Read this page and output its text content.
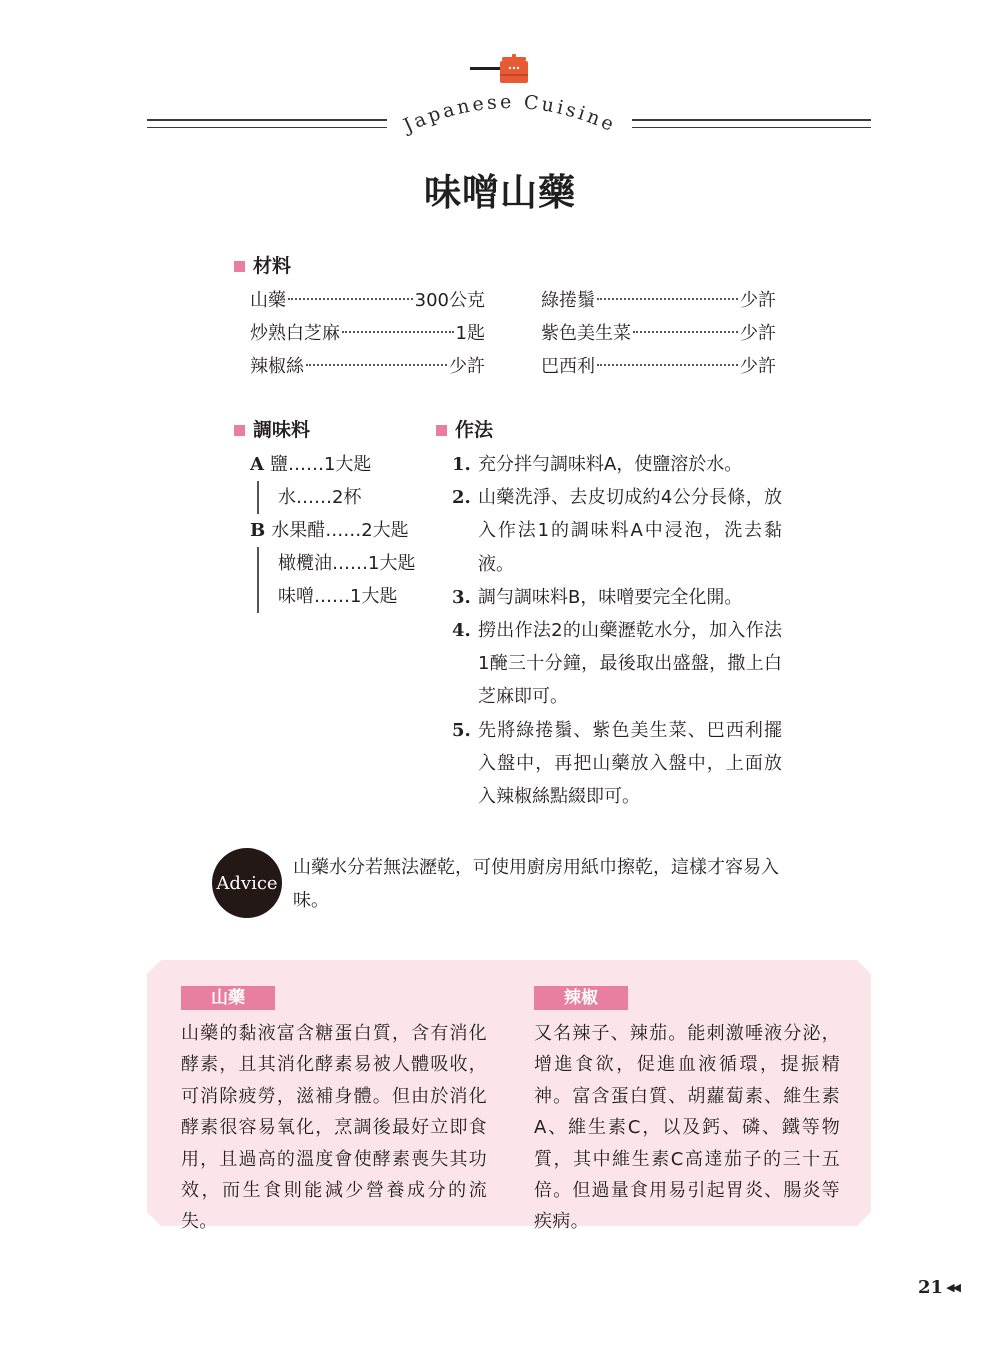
Japanese Cuisine
味噌山藥
材料
山藥	300公克
炒熟白芝麻	1匙
辣椒絲	少許
綠捲鬚	少許
紫色美生菜	少許
巴西利	少許
調味料
A 鹽……1大匙
水……2杯
B 水果醋……2大匙
橄欖油……1大匙
味噌……1大匙
作法
1. 充分拌勻調味料A，使鹽溶於水。
2. 山藥洗淨、去皮切成約4公分長條，放入作法1的調味料A中浸泡，洗去黏液。
3. 調勻調味料B，味噌要完全化開。
4. 撈出作法2的山藥瀝乾水分，加入作法1醃三十分鐘，最後取出盛盤，撒上白芝麻即可。
5. 先將綠捲鬚、紫色美生菜、巴西利擺入盤中，再把山藥放入盤中，上面放入辣椒絲點綴即可。
Advice
山藥水分若無法瀝乾，可使用廚房用紙巾擦乾，這樣才容易入味。
山藥
山藥的黏液富含糖蛋白質，含有消化酵素，且其消化酵素易被人體吸收，可消除疲勞，滋補身體。但由於消化酵素很容易氧化，烹調後最好立即食用，且過高的溫度會使酵素喪失其功效，而生食則能減少營養成分的流失。
辣椒
又名辣子、辣茄。能刺激唾液分泌，增進食欲，促進血液循環，提振精神。富含蛋白質、胡蘿蔔素、維生素A、維生素C，以及鈣、磷、鐵等物質，其中維生素C高達茄子的三十五倍。但過量食用易引起胃炎、腸炎等疾病。
21 ◀◀
